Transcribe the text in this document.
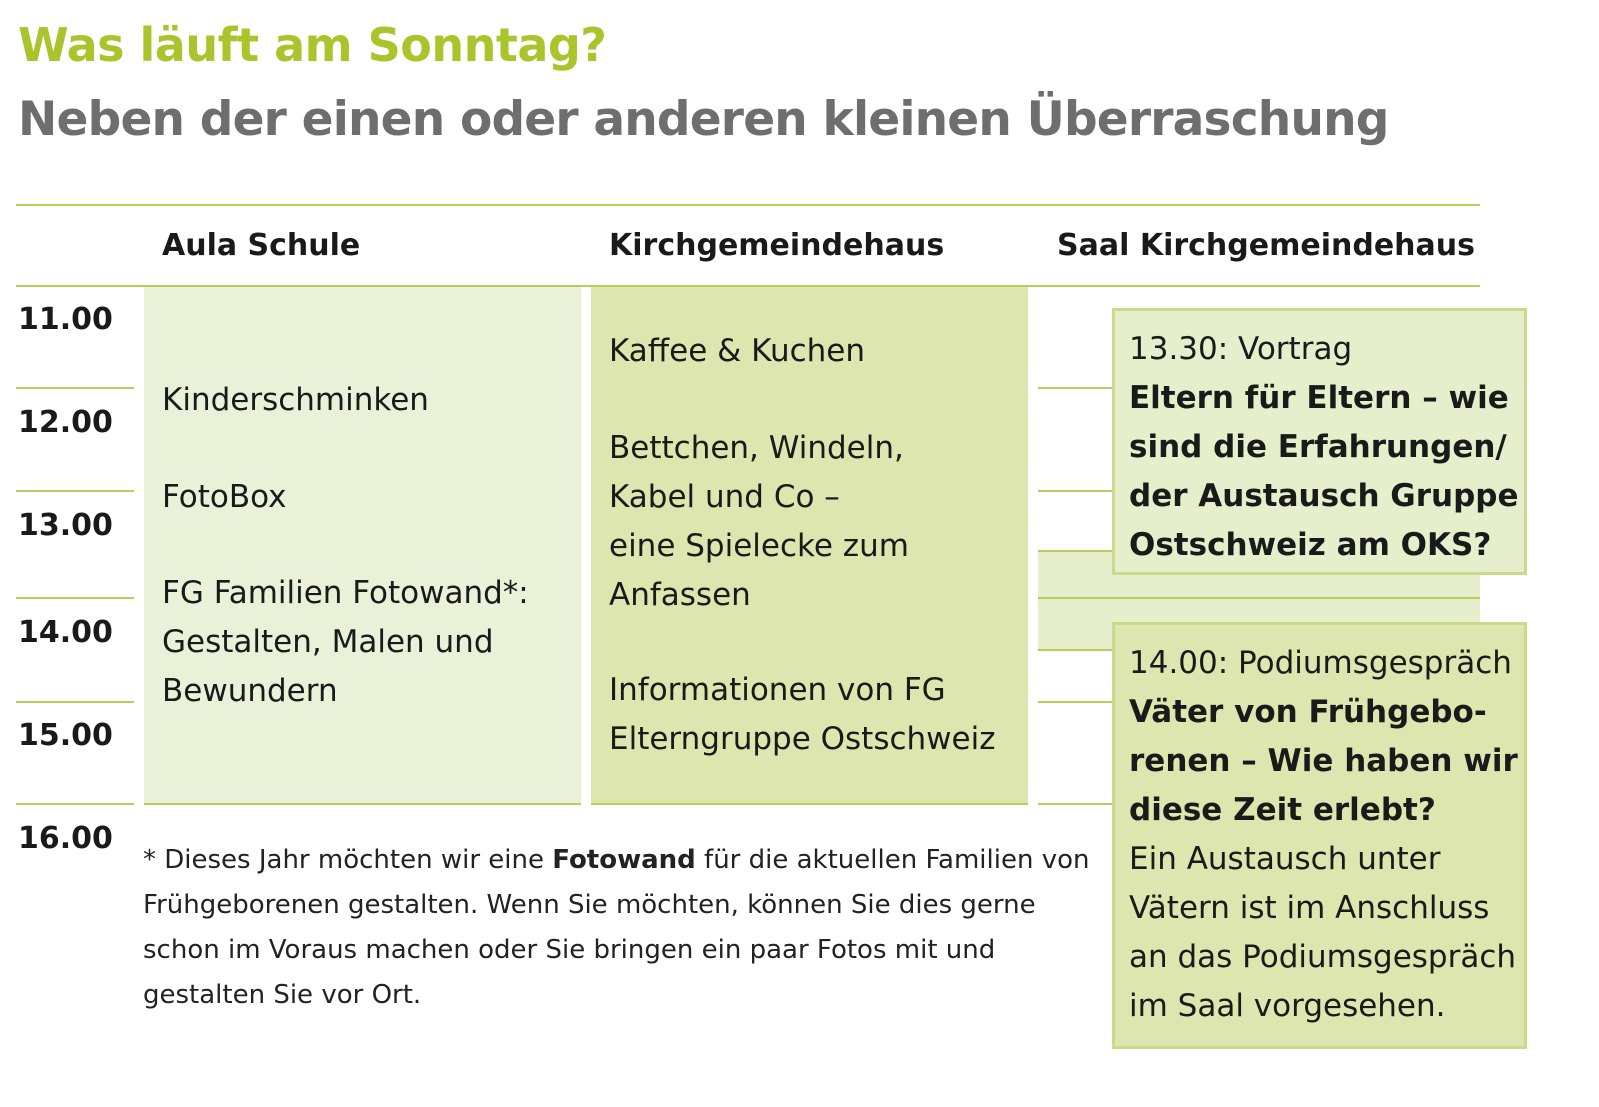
Was läuft am Sonntag?
Neben der einen oder anderen kleinen Überraschung
Aula Schule	Kirchgemeindehaus	Saal Kirchgemeindehaus
11.00
12.00
13.00
14.00
15.00
16.00
Kinderschminken
FotoBox
FG Familien Fotowand*:
Gestalten, Malen und
Bewundern
Kaffee & Kuchen
Bettchen, Windeln,
Kabel und Co –
eine Spielecke zum
Anfassen
Informationen von FG
Elterngruppe Ostschweiz
13.30: Vortrag
Eltern für Eltern – wie
sind die Erfahrungen/
der Austausch Gruppe
Ostschweiz am OKS?
14.00: Podiumsgespräch
Väter von Frühgebo-
renen – Wie haben wir
diese Zeit erlebt?
Ein Austausch unter
Vätern ist im Anschluss
an das Podiumsgespräch
im Saal vorgesehen.
* Dieses Jahr möchten wir eine Fotowand für die aktuellen Familien von Frühgeborenen gestalten. Wenn Sie möchten, können Sie dies gerne schon im Voraus machen oder Sie bringen ein paar Fotos mit und gestalten Sie vor Ort.
